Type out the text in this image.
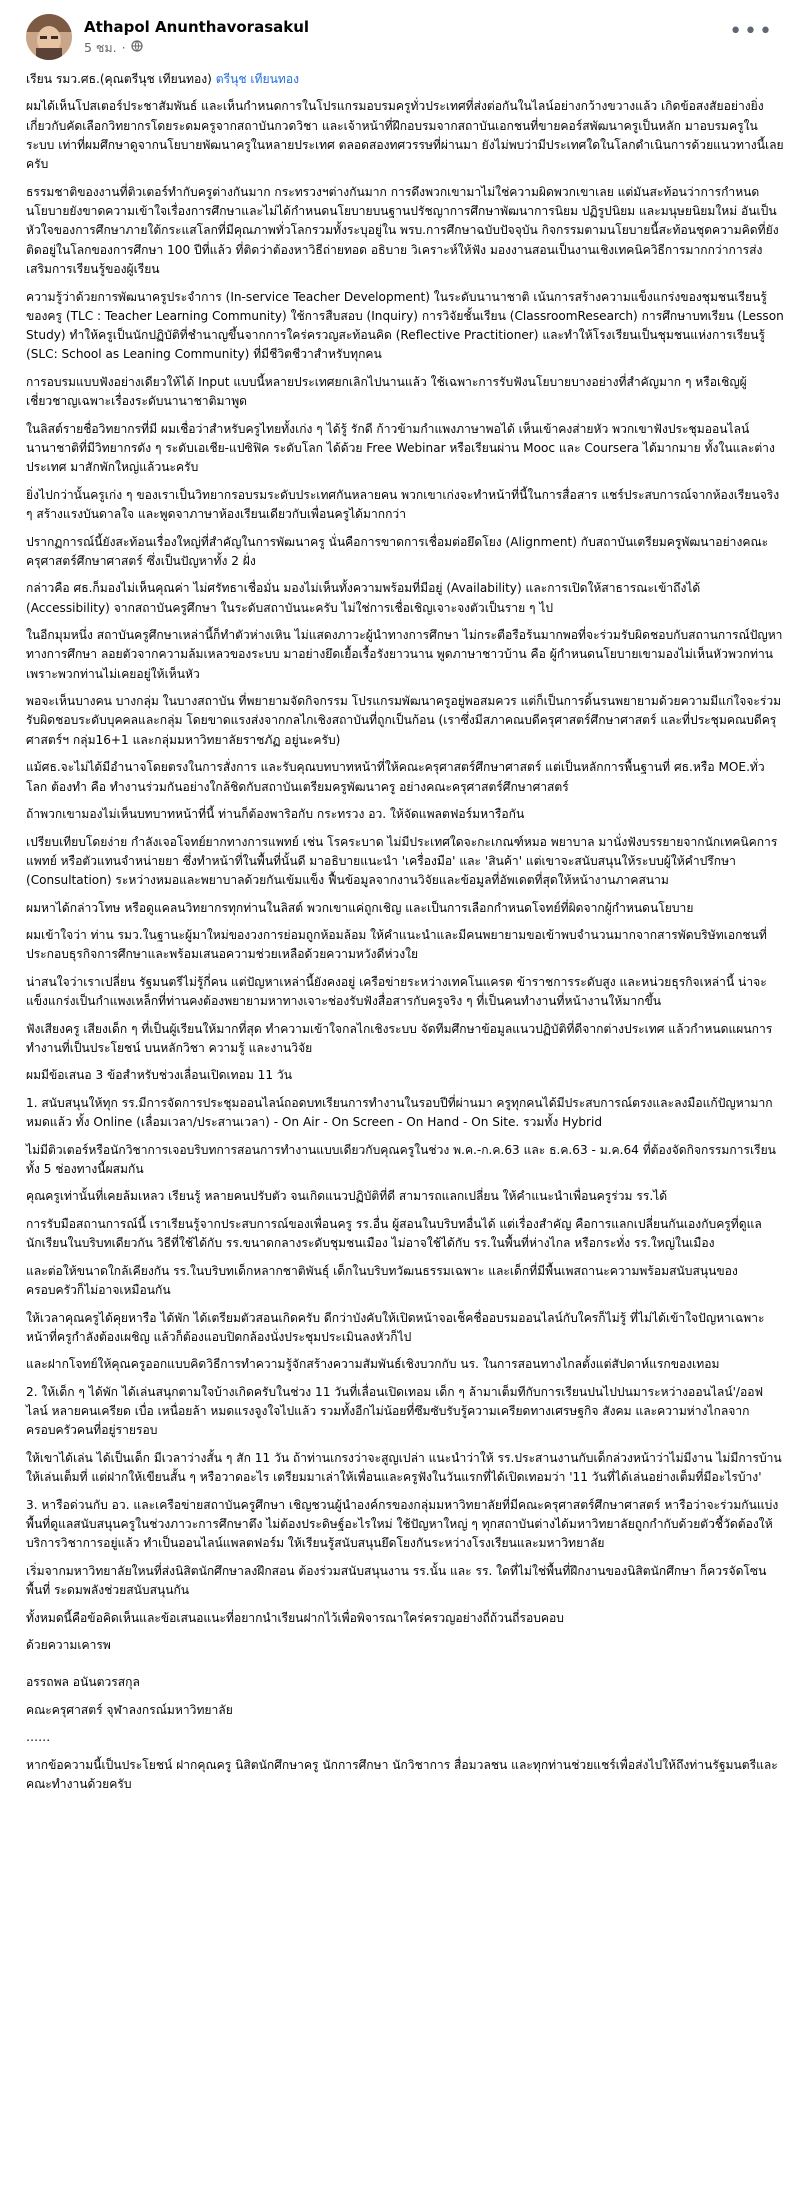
Athapol Anunthavorasakul
5 ชม. ·
•••

เรียน รมว.ศธ.(คุณตรีนุช เทียนทอง) ตรีนุช เทียนทอง

ผมได้เห็นโปสเตอร์ประชาสัมพันธ์ และเห็นกำหนดการในโปรแกรมอบรมครูทั่วประเทศที่ส่งต่อกันในไลน์อย่างกว้างขวางแล้ว เกิดข้อสงสัยอย่างยิ่งเกี่ยวกับคัดเลือกวิทยากรโดยระดมครูจากสถาบันกวดวิชา และเจ้าหน้าที่ฝึกอบรมจากสถาบันเอกชนที่ขายคอร์สพัฒนาครูเป็นหลัก มาอบรมครูในระบบ เท่าที่ผมศึกษาดูจากนโยบายพัฒนาครูในหลายประเทศ ตลอดสองทศวรรษที่ผ่านมา ยังไม่พบว่ามีประเทศใดในโลกดำเนินการด้วยแนวทางนี้เลยครับ

ธรรมชาติของงานที่ติวเตอร์ทำกับครูต่างกันมาก กระทรวงฯต่างกันมาก การดึงพวกเขามาไม่ใช่ความผิดพวกเขาเลย แต่มันสะท้อนว่าการกำหนดนโยบายยังขาดความเข้าใจเรื่องการศึกษาและไม่ได้กำหนดนโยบายบนฐานปรัชญาการศึกษาพัฒนาการนิยม ปฏิรูปนิยม และมนุษยนิยมใหม่ อันเป็นหัวใจของการศึกษาภายใต้กระแสโลกที่มีคุณภาพทั่วโลกรวมทั้งระบุอยู่ใน พรบ.การศึกษาฉบับปัจจุบัน กิจกรรมตามนโยบายนี้สะท้อนชุดความคิดที่ยังติดอยู่ในโลกของการศึกษา 100 ปีที่แล้ว ที่ติดว่าต้องหาวิธีถ่ายทอด อธิบาย วิเคราะห์ให้ฟัง มองงานสอนเป็นงานเชิงเทคนิควิธีการมากกว่าการส่งเสริมการเรียนรู้ของผู้เรียน

ความรู้ว่าด้วยการพัฒนาครูประจำการ (In-service Teacher Development) ในระดับนานาชาติ เน้นการสร้างความแข็งแกร่งของชุมชนเรียนรู้ของครู (TLC : Teacher Learning Community) ใช้การสืบสอบ (Inquiry) การวิจัยชั้นเรียน (ClassroomResearch) การศึกษาบทเรียน (Lesson Study) ทำให้ครูเป็นนักปฏิบัติที่ชำนาญขึ้นจากการใคร่ครวญสะท้อนคิด (Reflective Practitioner) และทำให้โรงเรียนเป็นชุมชนแห่งการเรียนรู้ (SLC: School as Leaning Community) ที่มีชีวิตชีวาสำหรับทุกคน

การอบรมแบบฟังอย่างเดียวให้ได้ Input แบบนี้หลายประเทศยกเลิกไปนานแล้ว ใช้เฉพาะการรับฟังนโยบายบางอย่างที่สำคัญมาก ๆ หรือเชิญผู้เชี่ยวชาญเฉพาะเรื่องระดับนานาชาติมาพูด

ในลิสต์รายชื่อวิทยากรที่มี ผมเชื่อว่าสำหรับครูไทยทั้งเก่ง ๆ ได้รู้ รักดี ก้าวข้ามกำแพงภาษาพอได้ เห็นเข้าคงส่ายหัว พวกเขาฟังประชุมออนไลน์นานาชาติที่มีวิทยากรดัง ๆ ระดับเอเชีย-แปซิฟิค ระดับโลก ได้ด้วย Free Webinar หรือเรียนผ่าน Mooc และ Coursera ได้มากมาย ทั้งในและต่างประเทศ มาสักพักใหญ่แล้วนะครับ

ยิ่งไปกว่านั้นครูเก่ง ๆ ของเราเป็นวิทยากรอบรมระดับประเทศกันหลายคน พวกเขาเก่งจะทำหน้าที่นี้ในการสื่อสาร แชร์ประสบการณ์จากห้องเรียนจริง ๆ สร้างแรงบันดาลใจ และพูดจาภาษาห้องเรียนเดียวกับเพื่อนครูได้มากกว่า

ปรากฏการณ์นี้ยังสะท้อนเรื่องใหญ่ที่สำคัญในการพัฒนาครู นั่นคือการขาดการเชื่อมต่อยึดโยง (Alignment) กับสถาบันเตรียมครูพัฒนาอย่างคณะครุศาสตร์ศึกษาศาสตร์ ซึ่งเป็นปัญหาทั้ง 2 ฝั่ง

กล่าวคือ ศธ.ก็มองไม่เห็นคุณค่า ไม่ศรัทธาเชื่อมั่น มองไม่เห็นทั้งความพร้อมที่มีอยู่ (Availability) และการเปิดให้สาธารณะเข้าถึงได้ (Accessibility) จากสถาบันครูศึกษา ในระดับสถาบันนะครับ ไม่ใช่การเชื่อเชิญเจาะจงตัวเป็นราย ๆ ไป

ในอีกมุมหนึ่ง สถาบันครูศึกษาเหล่านี้ก็ทำตัวห่างเหิน ไม่แสดงภาวะผู้นำทางการศึกษา ไม่กระตือรือร้นมากพอที่จะร่วมรับผิดชอบกับสถานการณ์ปัญหาทางการศึกษา ลอยตัวจากความล้มเหลวของระบบ มาอย่างยึดเยื้อเรื้อรังยาวนาน พูดภาษาชาวบ้าน คือ ผู้กำหนดนโยบายเขามองไม่เห็นหัวพวกท่าน เพราะพวกท่านไม่เคยอยู่ให้เห็นหัว

พอจะเห็นบางคน บางกลุ่ม ในบางสถาบัน ที่พยายามจัดกิจกรรม โปรแกรมพัฒนาครูอยู่พอสมควร แต่ก็เป็นการดิ้นรนพยายามด้วยความมีแก่ใจจะร่วมรับผิดชอบระดับบุคคลและกลุ่ม โดยขาดแรงส่งจากกลไกเชิงสถาบันที่ถูกเป็นก้อน (เราซึ่งมีสภาคณบดีครุศาสตร์ศึกษาศาสตร์ และที่ประชุมคณบดีครุศาสตร์ฯ กลุ่ม16+1 และกลุ่มมหาวิทยาลัยราชภัฏ อยู่นะครับ)

แม้ศธ.จะไม่ได้มีอำนาจโดยตรงในการสั่งการ และรับคุณบทบาทหน้าที่ให้คณะครุศาสตร์ศึกษาศาสตร์ แต่เป็นหลักการพื้นฐานที่ ศธ.หรือ MOE.ทั่วโลก ต้องทำ คือ ทำงานร่วมกันอย่างใกล้ชิดกับสถาบันเตรียมครูพัฒนาครู อย่างคณะครุศาสตร์ศึกษาศาสตร์

ถ้าพวกเขามองไม่เห็นบทบาทหน้าที่นี้ ท่านก็ต้องพาริอกับ กระทรวง อว. ให้จัดแพลตฟอร์มหารือกัน

เปรียบเทียบโดยง่าย กำลังเจอโจทย์ยากทางการแพทย์ เช่น โรคระบาด ไม่มีประเทศใดจะกะเกณฑ์หมอ พยาบาล มานั่งฟังบรรยายจากนักเทคนิคการแพทย์ หรือตัวแทนจำหน่ายยา ซึ่งทำหน้าที่ในพื้นที่นั้นดี มาอธิบายแนะนำ 'เครื่องมือ' และ 'สินค้า' แต่เขาจะสนับสนุนให้ระบบผู้ให้คำปรึกษา (Consultation) ระหว่างหมอและพยาบาลด้วยกันเข้มแข็ง ฟื้นข้อมูลจากงานวิจัยและข้อมูลที่อัพเดตที่สุดให้หน้างานภาคสนาม

ผมหาได้กล่าวโทษ หรือดูแคลนวิทยากรทุกท่านในลิสต์ พวกเขาแค่ถูกเชิญ และเป็นการเลือกกำหนดโจทย์ที่ผิดจากผู้กำหนดนโยบาย

ผมเข้าใจว่า ท่าน รมว.ในฐานะผู้มาใหม่ของวงการย่อมถูกห้อมล้อม ให้คำแนะนำและมีคนพยายามขอเข้าพบจำนวนมากจากสารพัดบริษัทเอกชนที่ประกอบธุรกิจการศึกษาและพร้อมเสนอความช่วยเหลือด้วยความหวังดีห่วงใย

น่าสนใจว่าเราเปลี่ยน รัฐมนตรีไม่รู้กี่คน แต่ปัญหาเหล่านี้ยังคงอยู่ เครือข่ายระหว่างเทคโนแครต ข้าราชการระดับสูง และหน่วยธุรกิจเหล่านี้ น่าจะแข็งแกร่งเป็นกำแพงเหล็กที่ท่านคงต้องพยายามหาทางเจาะช่องรับฟังสื่อสารกับครูจริง ๆ ที่เป็นคนทำงานที่หน้างานให้มากขึ้น

ฟังเสียงครู เสียงเด็ก ๆ ที่เป็นผู้เรียนให้มากที่สุด ทำความเข้าใจกลไกเชิงระบบ จัดทีมศึกษาข้อมูลแนวปฏิบัติที่ดีจากต่างประเทศ แล้วกำหนดแผนการทำงานที่เป็นประโยชน์ บนหลักวิชา ความรู้ และงานวิจัย

ผมมีข้อเสนอ 3 ข้อสำหรับช่วงเลื่อนเปิดเทอม 11 วัน

1. สนับสนุนให้ทุก รร.มีการจัดการประชุมออนไลน์ถอดบทเรียนการทำงานในรอบปีที่ผ่านมา ครูทุกคนได้มีประสบการณ์ตรงและลงมือแก้ปัญหามากหมดแล้ว ทั้ง Online (เลื่อมเวลา/ประสานเวลา) - On Air - On Screen - On Hand - On Site. รวมทั้ง Hybrid

ไม่มีติวเตอร์หรือนักวิชาการเจอบริบทการสอนการทำงานแบบเดียวกับคุณครูในช่วง พ.ค.-ก.ค.63 และ ธ.ค.63 - ม.ค.64 ที่ต้องจัดกิจกรรมการเรียนทั้ง 5 ช่องทางนี้ผสมกัน

คุณครูเท่านั้นที่เคยล้มเหลว เรียนรู้ หลายคนปรับตัว จนเกิดแนวปฏิบัติที่ดี สามารถแลกเปลี่ยน ให้คำแนะนำเพื่อนครูร่วม รร.ได้

การรับมือสถานการณ์นี้ เราเรียนรู้จากประสบการณ์ของเพื่อนครู รร.อื่น ผู้สอนในบริบทอื่นได้ แต่เรื่องสำคัญ คือการแลกเปลี่ยนกันเองกับครูที่ดูแลนักเรียนในบริบทเดียวกัน วิธีที่ใช้ได้กับ รร.ขนาดกลางระดับชุมชนเมือง ไม่อาจใช้ได้กับ รร.ในพื้นที่ห่างไกล หรือกระทั่ง รร.ใหญ่ในเมือง

และต่อให้ขนาดใกล้เคียงกัน รร.ในบริบทเด็กหลากชาติพันธุ์ เด็กในบริบทวัฒนธรรมเฉพาะ และเด็กที่มีพื้นเพสถานะความพร้อมสนับสนุนของครอบครัวก็ไม่อาจเหมือนกัน

ให้เวลาคุณครูได้คุยหารือ ได้พัก ได้เตรียมตัวสอนเกิดครับ ดีกว่าบังคับให้เปิดหน้าจอเช็คชื่ออบรมออนไลน์กับใครก็ไม่รู้ ที่ไม่ได้เข้าใจปัญหาเฉพาะหน้าที่ครูกำลังต้องเผชิญ แล้วก็ต้องแอบปิดกล้องนั่งประชุมประเมินลงหัวก็ไป

และฝากโจทย์ให้คุณครูออกแบบคิดวิธีการทำความรู้จักสร้างความสัมพันธ์เชิงบวกกับ นร. ในการสอนทางไกลตั้งแต่สัปดาห์แรกของเทอม

2. ให้เด็ก ๆ ได้พัก ได้เล่นสนุกตามใจบ้างเกิดครับในช่วง 11 วันที่เลื่อนเปิดเทอม เด็ก ๆ ล้ามาเต็มทีกับการเรียนปนไปปนมาระหว่างออนไลน์'/ออฟไลน์ หลายคนเครียด เบื่อ เหนื่อยล้า หมดแรงจูงใจไปแล้ว รวมทั้งอีกไม่น้อยที่ซึมซับรับรู้ความเครียดทางเศรษฐกิจ สังคม และความห่างไกลจากครอบครัวคนที่อยู่รายรอบ

ให้เขาได้เล่น ได้เป็นเด็ก มีเวลาว่างสั้น ๆ สัก 11 วัน ถ้าท่านเกรงว่าจะสูญเปล่า แนะนำว่าให้ รร.ประสานงานกับเด็กล่วงหน้าว่าไม่มีงาน ไม่มีการบ้าน ให้เล่นเต็มที่ แต่ฝากให้เขียนสั้น ๆ หรือวาดอะไร เตรียมมาเล่าให้เพื่อนและครูฟังในวันแรกที่ได้เปิดเทอมว่า '11 วันที่ได้เล่นอย่างเต็มที่มีอะไรบ้าง'

3. หารือด่วนกับ อว. และเครือข่ายสถาบันครูศึกษา เชิญชวนผู้นำองค์กรของกลุ่มมหาวิทยาลัยที่มีคณะครุศาสตร์ศึกษาศาสตร์ หารือว่าจะร่วมกันแบ่งพื้นที่ดูแลสนับสนุนครูในช่วงภาวะการศึกษาตึง ไม่ต้องประดิษฐ์อะไรใหม่ ใช้ปัญหาใหญ่ ๆ ทุกสถาบันต่างได้มหาวิทยาลัยถูกกำกับด้วยตัวชี้วัดต้องให้บริการวิชาการอยู่แล้ว ทำเป็นออนไลน์แพลตฟอร์ม ให้เรียนรู้สนับสนุนยึดโยงกันระหว่างโรงเรียนและมหาวิทยาลัย

เริ่มจากมหาวิทยาลัยใหนที่ส่งนิสิตนักศึกษาลงฝึกสอน ต้องร่วมสนับสนุนงาน รร.นั้น และ รร. ใดที่ไม่ใช่พื้นที่ฝึกงานของนิสิตนักศึกษา ก็ควรจัดโซนพื้นที่ ระดมพลังช่วยสนับสนุนกัน

ทั้งหมดนี้คือข้อคิดเห็นและข้อเสนอแนะที่อยากนำเรียนฝากไว้เพื่อพิจารณาใคร่ครวญอย่างถี่ถ้วนถี่รอบคอบ

ด้วยความเคารพ

อรรถพล อนันตวรสกุล

คณะครุศาสตร์ จุฬาลงกรณ์มหาวิทยาลัย

……

หากข้อความนี้เป็นประโยชน์ ฝากคุณครู นิสิตนักศึกษาครู นักการศึกษา นักวิชาการ สื่อมวลชน และทุกท่านช่วยแชร์เพื่อส่งไปให้ถึงท่านรัฐมนตรีและคณะทำงานด้วยครับ
